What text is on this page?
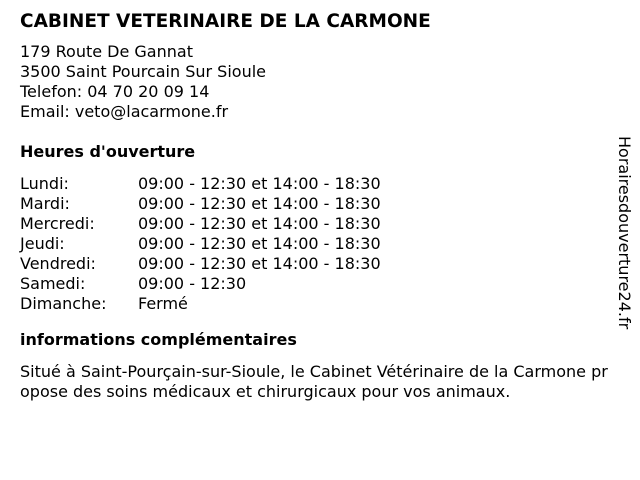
CABINET VETERINAIRE DE LA CARMONE
179 Route De Gannat
3500 Saint Pourcain Sur Sioule
Telefon: 04 70 20 09 14
Email: veto@lacarmone.fr
Heures d'ouverture
Lundi:	09:00 - 12:30 et 14:00 - 18:30
Mardi:	09:00 - 12:30 et 14:00 - 18:30
Mercredi:	09:00 - 12:30 et 14:00 - 18:30
Jeudi:	09:00 - 12:30 et 14:00 - 18:30
Vendredi:	09:00 - 12:30 et 14:00 - 18:30
Samedi:	09:00 - 12:30
Dimanche:	Fermé
informations complémentaires
Situé à Saint-Pourçain-sur-Sioule, le Cabinet Vétérinaire de la Carmone propose des soins médicaux et chirurgicaux pour vos animaux.
Horairesdouverture24.fr
